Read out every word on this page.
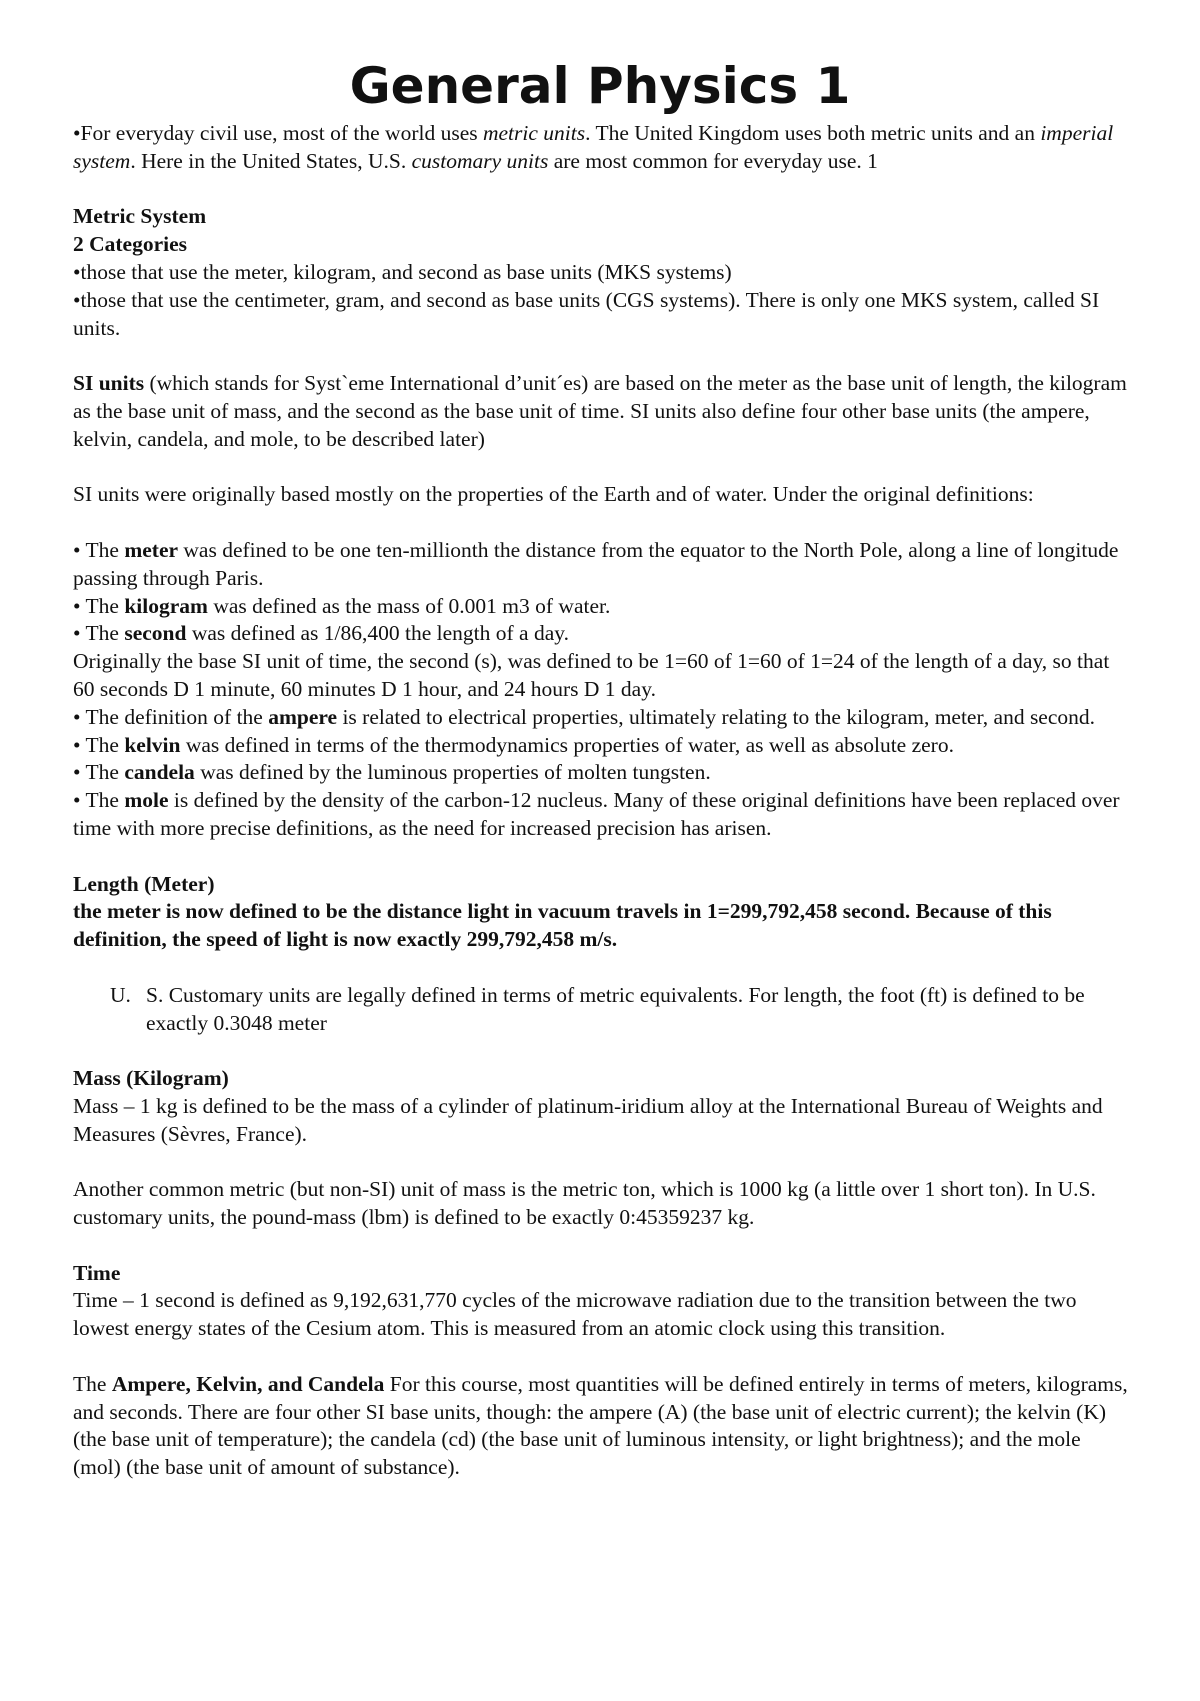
General Physics 1

•For everyday civil use, most of the world uses metric units. The United Kingdom uses both metric units and an imperial system. Here in the United States, U.S. customary units are most common for everyday use. 1

Metric System

2 Categories

•those that use the meter, kilogram, and second as base units (MKS systems)

•those that use the centimeter, gram, and second as base units (CGS systems). There is only one MKS system, called SI units.

SI units (which stands for Syst`eme International d’unit´es) are based on the meter as the base unit of length, the kilogram as the base unit of mass, and the second as the base unit of time. SI units also define four other base units (the ampere, kelvin, candela, and mole, to be described later)

SI units were originally based mostly on the properties of the Earth and of water. Under the original definitions:

• The meter was defined to be one ten-millionth the distance from the equator to the North Pole, along a line of longitude passing through Paris.

• The kilogram was defined as the mass of 0.001 m3 of water.

• The second was defined as 1/86,400 the length of a day.

Originally the base SI unit of time, the second (s), was defined to be 1=60 of 1=60 of 1=24 of the length of a day, so that 60 seconds D 1 minute, 60 minutes D 1 hour, and 24 hours D 1 day.

• The definition of the ampere is related to electrical properties, ultimately relating to the kilogram, meter, and second.

• The kelvin was defined in terms of the thermodynamics properties of water, as well as absolute zero.

• The candela was defined by the luminous properties of molten tungsten.

• The mole is defined by the density of the carbon-12 nucleus. Many of these original definitions have been replaced over time with more precise definitions, as the need for increased precision has arisen.

Length (Meter)

the meter is now defined to be the distance light in vacuum travels in 1=299,792,458 second. Because of this definition, the speed of light is now exactly 299,792,458 m/s.

U. S. Customary units are legally defined in terms of metric equivalents. For length, the foot (ft) is defined to be exactly 0.3048 meter

Mass (Kilogram)

Mass – 1 kg is defined to be the mass of a cylinder of platinum-iridium alloy at the International Bureau of Weights and Measures (Sèvres, France).

Another common metric (but non-SI) unit of mass is the metric ton, which is 1000 kg (a little over 1 short ton). In U.S. customary units, the pound-mass (lbm) is defined to be exactly 0:45359237 kg.

Time

Time – 1 second is defined as 9,192,631,770 cycles of the microwave radiation due to the transition between the two lowest energy states of the Cesium atom. This is measured from an atomic clock using this transition.

The Ampere, Kelvin, and Candela For this course, most quantities will be defined entirely in terms of meters, kilograms, and seconds. There are four other SI base units, though: the ampere (A) (the base unit of electric current); the kelvin (K) (the base unit of temperature); the candela (cd) (the base unit of luminous intensity, or light brightness); and the mole (mol) (the base unit of amount of substance).
